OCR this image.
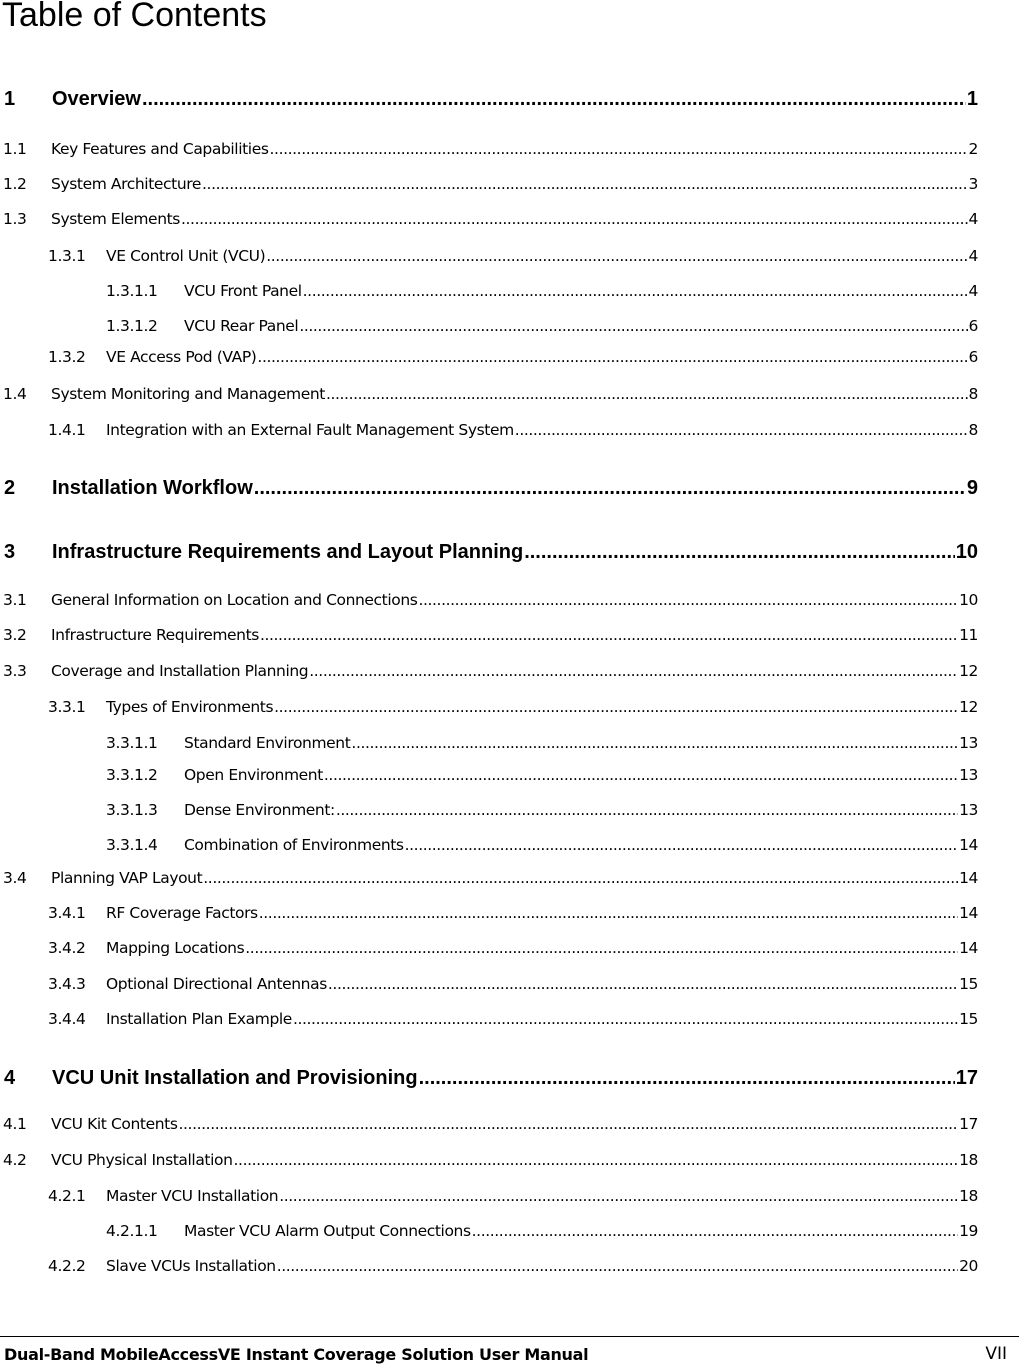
Table of Contents
1	Overview .....	1
1.1	Key Features and Capabilities .....	2
1.2	System Architecture .....	3
1.3	System Elements .....	4
1.3.1	VE Control Unit (VCU) .....	4
1.3.1.1	VCU Front Panel .....	4
1.3.1.2	VCU Rear Panel .....	6
1.3.2	VE Access Pod (VAP) .....	6
1.4	System Monitoring and Management .....	8
1.4.1	Integration with an External Fault Management System .....	8
2	Installation Workflow .....	9
3	Infrastructure Requirements and Layout Planning .....	10
3.1	General Information on Location and Connections .....	10
3.2	Infrastructure Requirements .....	11
3.3	Coverage and Installation Planning .....	12
3.3.1	Types of Environments .....	12
3.3.1.1	Standard Environment .....	13
3.3.1.2	Open Environment .....	13
3.3.1.3	Dense Environment: .....	13
3.3.1.4	Combination of Environments .....	14
3.4	Planning VAP Layout .....	14
3.4.1	RF Coverage Factors .....	14
3.4.2	Mapping Locations .....	14
3.4.3	Optional Directional Antennas .....	15
3.4.4	Installation Plan Example .....	15
4	VCU Unit Installation and Provisioning .....	17
4.1	VCU Kit Contents .....	17
4.2	VCU Physical Installation .....	18
4.2.1	Master VCU Installation .....	18
4.2.1.1	Master VCU Alarm Output Connections .....	19
4.2.2	Slave VCUs Installation .....	20
Dual-Band MobileAccessVE Instant Coverage Solution User Manual	VII
